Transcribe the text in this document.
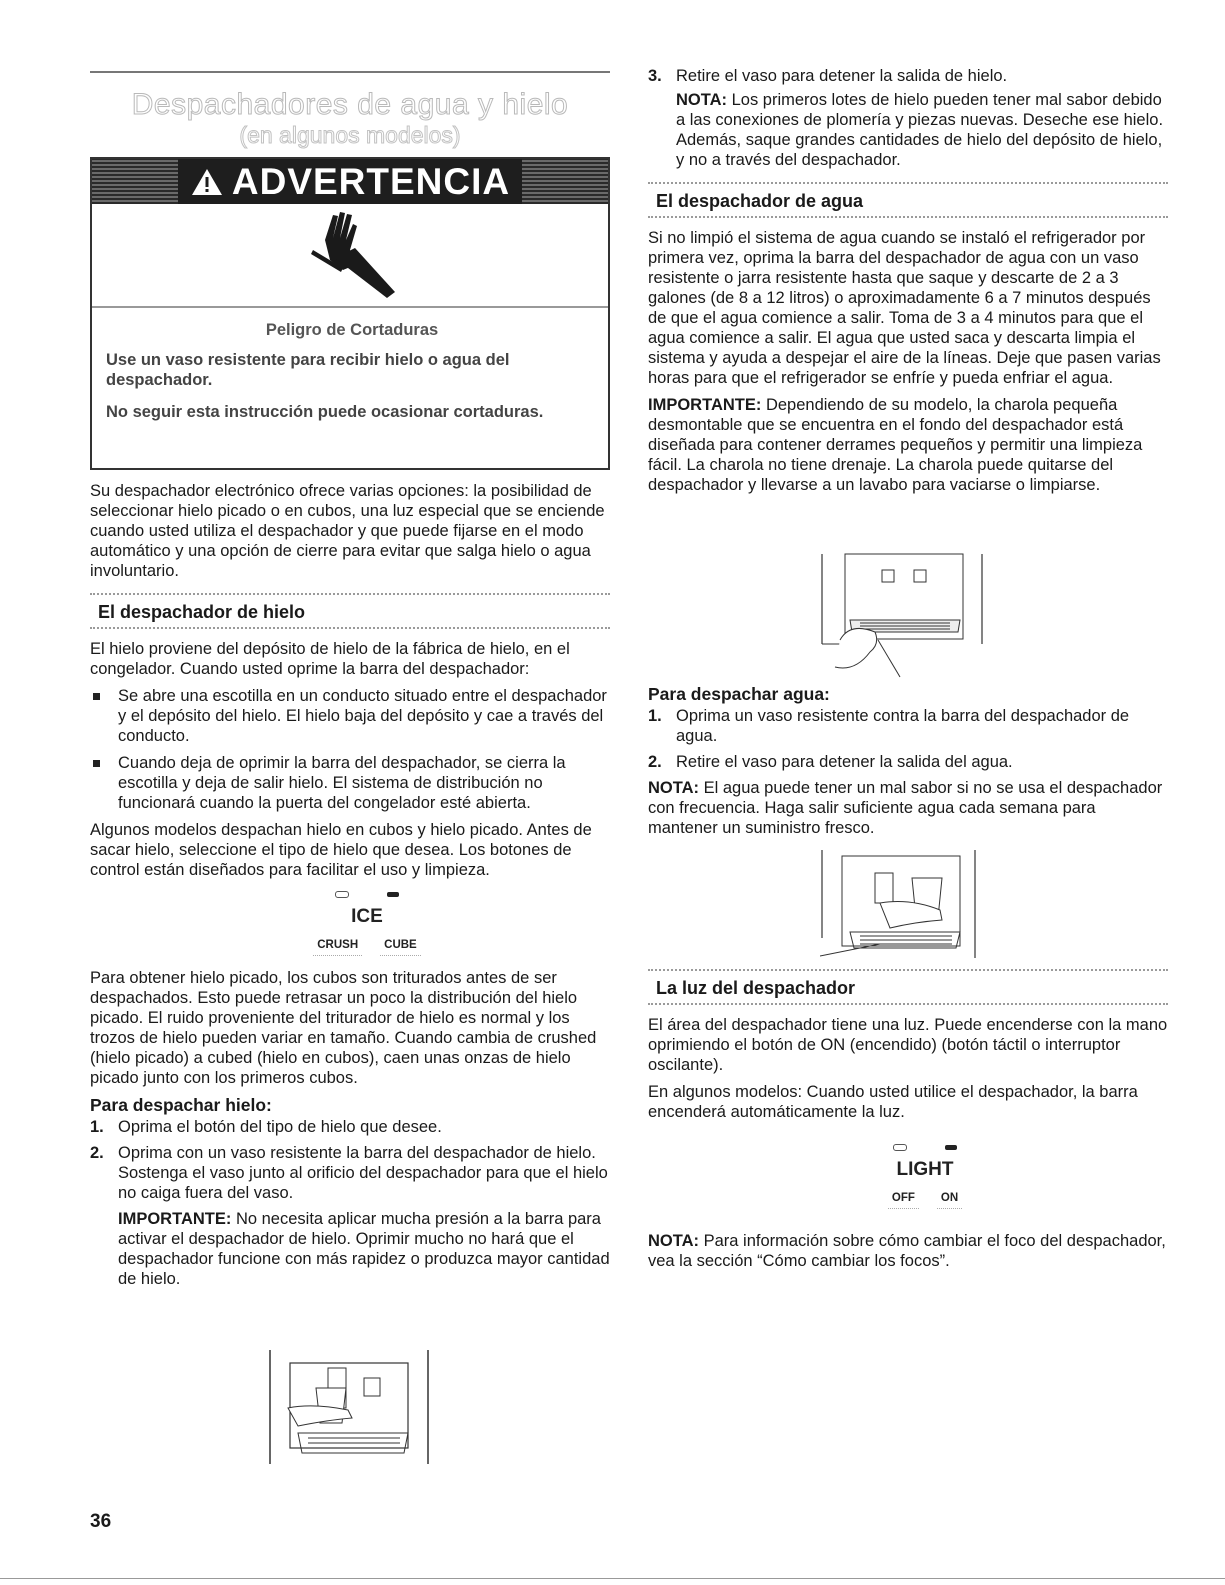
Despachadores de agua y hielo
(en algunos modelos)
ADVERTENCIA

Peligro de Cortaduras

Use un vaso resistente para recibir hielo o agua del despachador.

No seguir esta instrucción puede ocasionar cortaduras.

Su despachador electrónico ofrece varias opciones: la posibilidad de seleccionar hielo picado o en cubos, una luz especial que se enciende cuando usted utiliza el despachador y que puede fijarse en el modo automático y una opción de cierre para evitar que salga hielo o agua involuntario.

El despachador de hielo

El hielo proviene del depósito de hielo de la fábrica de hielo, en el congelador. Cuando usted oprime la barra del despachador:

Se abre una escotilla en un conducto situado entre el despachador y el depósito del hielo. El hielo baja del depósito y cae a través del conducto.
Cuando deja de oprimir la barra del despachador, se cierra la escotilla y deja de salir hielo. El sistema de distribución no funcionará cuando la puerta del congelador esté abierta.

Algunos modelos despachan hielo en cubos y hielo picado. Antes de sacar hielo, seleccione el tipo de hielo que desea. Los botones de control están diseñados para facilitar el uso y limpieza.

ICE
CRUSH	CUBE

Para obtener hielo picado, los cubos son triturados antes de ser despachados. Esto puede retrasar un poco la distribución del hielo picado. El ruido proveniente del triturador de hielo es normal y los trozos de hielo pueden variar en tamaño. Cuando cambia de crushed (hielo picado) a cubed (hielo en cubos), caen unas onzas de hielo picado junto con los primeros cubos.

Para despachar hielo:

1. Oprima el botón del tipo de hielo que desee.
2. Oprima con un vaso resistente la barra del despachador de hielo. Sostenga el vaso junto al orificio del despachador para que el hielo no caiga fuera del vaso.

IMPORTANTE: No necesita aplicar mucha presión a la barra para activar el despachador de hielo. Oprimir mucho no hará que el despachador funcione con más rapidez o produzca mayor cantidad de hielo.

3. Retire el vaso para detener la salida de hielo.

NOTA: Los primeros lotes de hielo pueden tener mal sabor debido a las conexiones de plomería y piezas nuevas. Deseche ese hielo. Además, saque grandes cantidades de hielo del depósito de hielo, y no a través del despachador.

El despachador de agua

Si no limpió el sistema de agua cuando se instaló el refrigerador por primera vez, oprima la barra del despachador de agua con un vaso resistente o jarra resistente hasta que saque y descarte de 2 a 3 galones (de 8 a 12 litros) o aproximadamente 6 a 7 minutos después de que el agua comience a salir. Toma de 3 a 4 minutos para que el agua comience a salir. El agua que usted saca y descarta limpia el sistema y ayuda a despejar el aire de la líneas. Deje que pasen varias horas para que el refrigerador se enfríe y pueda enfriar el agua.

IMPORTANTE: Dependiendo de su modelo, la charola pequeña desmontable que se encuentra en el fondo del despachador está diseñada para contener derrames pequeños y permitir una limpieza fácil. La charola no tiene drenaje. La charola puede quitarse del despachador y llevarse a un lavabo para vaciarse o limpiarse.

Para despachar agua:

1. Oprima un vaso resistente contra la barra del despachador de agua.
2. Retire el vaso para detener la salida del agua.

NOTA: El agua puede tener un mal sabor si no se usa el despachador con frecuencia. Haga salir suficiente agua cada semana para mantener un suministro fresco.

La luz del despachador

El área del despachador tiene una luz. Puede encenderse con la mano oprimiendo el botón de ON (encendido) (botón táctil o interruptor oscilante).

En algunos modelos: Cuando usted utilice el despachador, la barra encenderá automáticamente la luz.

LIGHT
OFF	ON

NOTA: Para información sobre cómo cambiar el foco del despachador, vea la sección “Cómo cambiar los focos”.

36
